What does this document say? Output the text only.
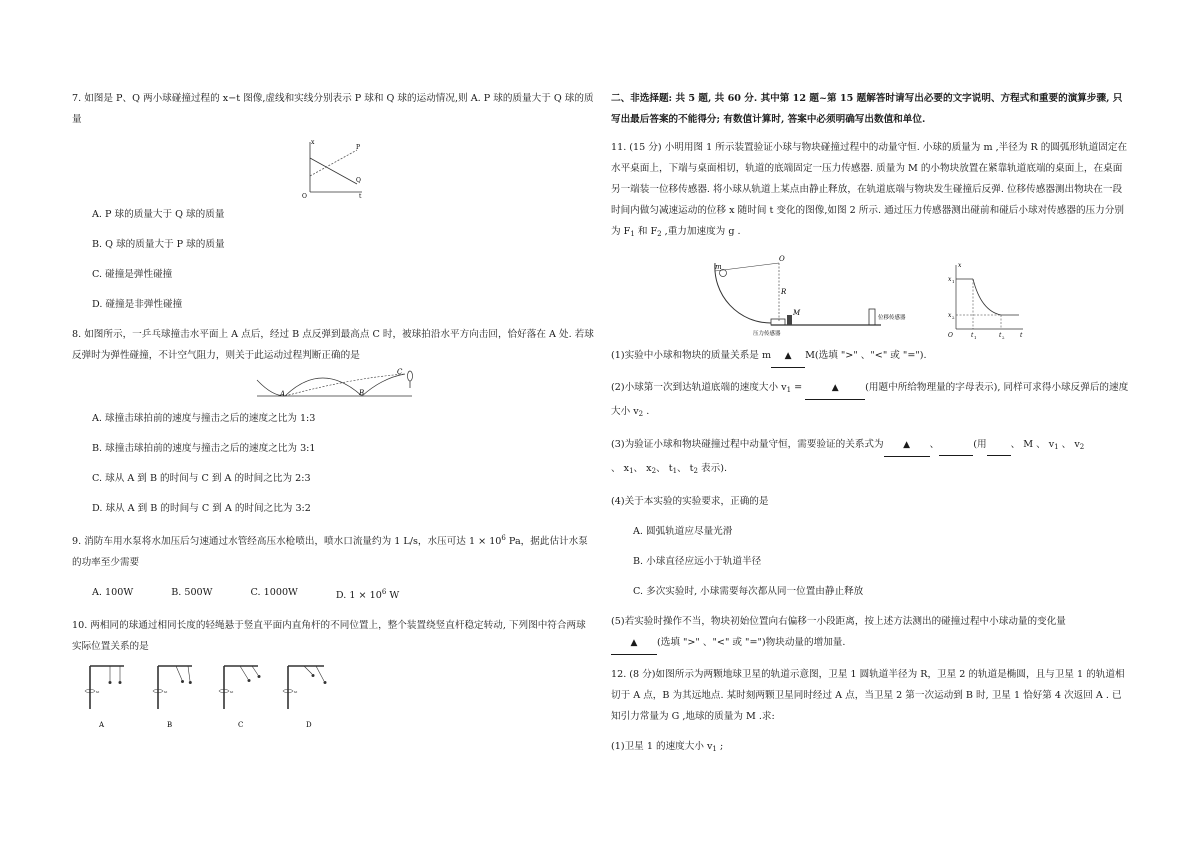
7. 如图是 P、Q 两小球碰撞过程的 x−t 图像,虚线和实线分别表示 P 球和 Q 球的运动情况,则 A. P 球的质量大于 Q 球的质量
x
t
O
P
Q
A. P 球的质量大于 Q 球的质量
B. Q 球的质量大于 P 球的质量
C. 碰撞是弹性碰撞
D. 碰撞是非弹性碰撞
8. 如图所示，一乒乓球撞击水平面上 A 点后，经过 B 点反弹到最高点 C 时，被球拍沿水平方向击回，恰好落在 A 处. 若球反弹时为弹性碰撞，不计空气阻力，则关于此运动过程判断正确的是
A	B
C
A. 球撞击球拍前的速度与撞击之后的速度之比为 1:3
B. 球撞击球拍前的速度与撞击之后的速度之比为 3:1
C. 球从 A 到 B 的时间与 C 到 A 的时间之比为 2:3
D. 球从 A 到 B 的时间与 C 到 A 的时间之比为 3:2
9. 消防车用水泵将水加压后匀速通过水管经高压水枪喷出，喷水口流量约为 1 L/s，水压可达 $1 \times 10^6$ Pa，据此估计水泵的功率至少需要
A. 100W	B. 500W	C. 1000W	D. $1 \times 10^6$ W
10. 两相同的球通过相同长度的轻绳悬于竖直平面内直角杆的不同位置上，整个装置绕竖直杆稳定转动, 下列图中符合两球实际位置关系的是
ω
A
ω
B
ω
C
ω
D
二、非选择题: 共 5 题, 共 60 分. 其中第 12 题~第 15 题解答时请写出必要的文字说明、方程式和重要的演算步骤, 只写出最后答案的不能得分; 有数值计算时, 答案中必须明确写出数值和单位.
11. (15 分) 小明用图 1 所示装置验证小球与物块碰撞过程中的动量守恒. 小球的质量为 m ,半径为 R 的圆弧形轨道固定在水平桌面上，下端与桌面相切，轨道的底端固定一压力传感器. 质量为 M 的小物块放置在紧靠轨道底端的桌面上，在桌面另一端装一位移传感器. 将小球从轨道上某点由静止释放，在轨道底端与物块发生碰撞后反弹. 位移传感器测出物块在一段时间内做匀减速运动的位移 x 随时间 t 变化的图像,如图 2 所示. 通过压力传感器测出碰前和碰后小球对传感器的压力分别为 $F_1$ 和 $F_2$ ,重力加速度为 g .
O
m
R
M
压力传感器
位移传感器
x
t
O
x 1
x 2
t 1	t 2
(1)实验中小球和物块的质量关系是 m ▲ M(选填 ">" 、"<" 或 "=").
(2)小球第一次到达轨道底端的速度大小 $v_1$ =	▲	(用题中所给物理量的字母表示), 同样可求得小球反弹后的速度大小 $v_2$ .
(3)为验证小球和物块碰撞过程中动量守恒，需要验证的关系式为 ▲ 、	(用	、 M 、 $v_1$ 、 $v_2$
、 $x_1$、 $x_2$、 $t_1$、 $t_2$ 表示).
(4)关于本实验的实验要求，正确的是
A. 圆弧轨道应尽量光滑
B. 小球直径应远小于轨道半径
C. 多次实验时, 小球需要每次都从同一位置由静止释放
(5)若实验时操作不当，物块初始位置向右偏移一小段距离，按上述方法测出的碰撞过程中小球动量的变化量
▲ (选填 ">" 、"<" 或 "=")物块动量的增加量.
12. (8 分)如图所示为两颗地球卫星的轨道示意图，卫星 1 圆轨道半径为 R，卫星 2 的轨道是椭圆，且与卫星 1 的轨道相切于 A 点，B 为其远地点. 某时刻两颗卫星同时经过 A 点，当卫星 2 第一次运动到 B 时, 卫星 1 恰好第 4 次返回 A . 已知引力常量为 G ,地球的质量为 M .求:
(1)卫星 1 的速度大小 $v_1$ ;
